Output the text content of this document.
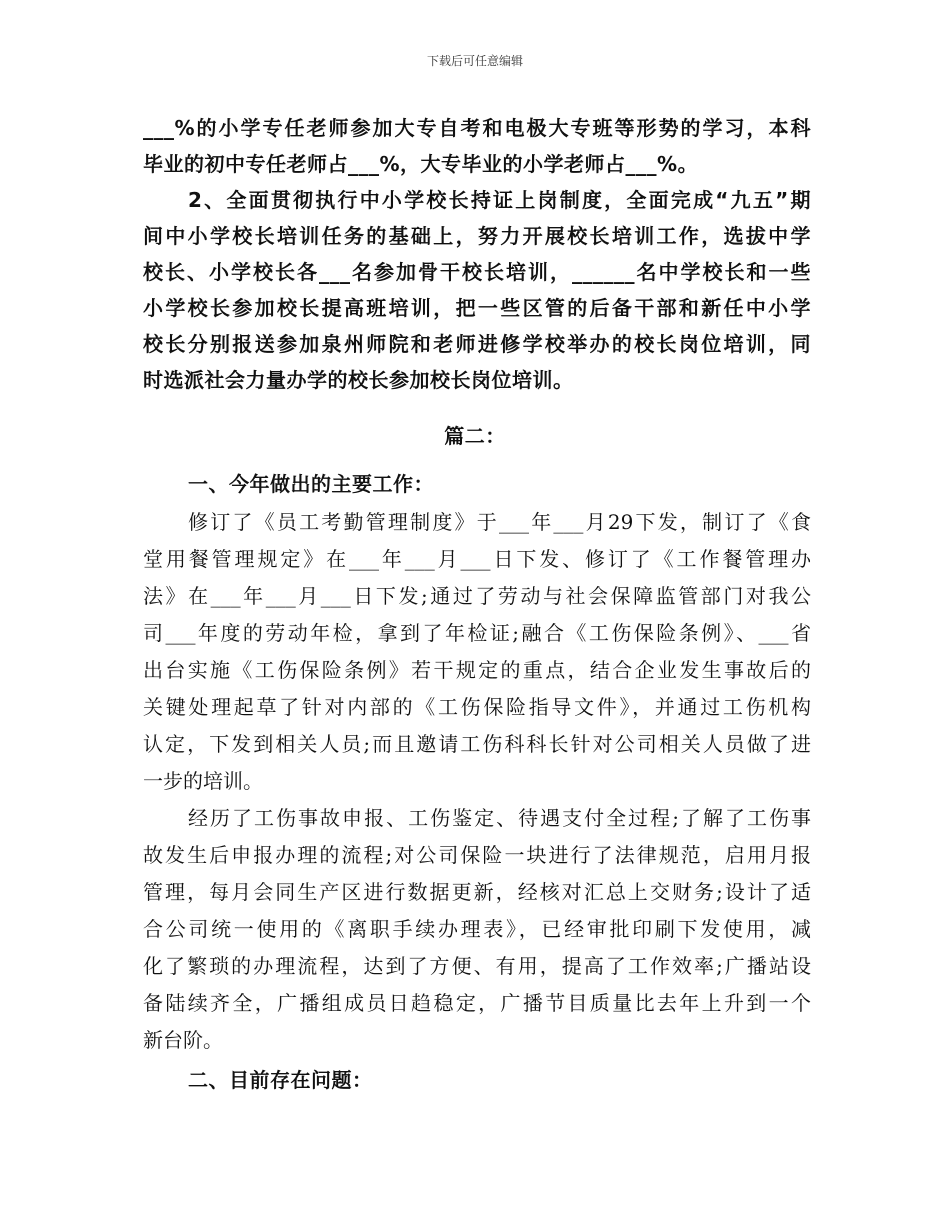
下载后可任意编辑
___%的小学专任老师参加大专自考和电极大专班等形势的学习，本科
毕业的初中专任老师占___%，大专毕业的小学老师占___%。
2、全面贯彻执行中小学校长持证上岗制度，全面完成“九五”期
间中小学校长培训任务的基础上，努力开展校长培训工作，选拔中学
校长、小学校长各___名参加骨干校长培训，______名中学校长和一些
小学校长参加校长提高班培训，把一些区管的后备干部和新任中小学
校长分别报送参加泉州师院和老师进修学校举办的校长岗位培训，同
时选派社会力量办学的校长参加校长岗位培训。
篇二：
一、今年做出的主要工作：
修订了《员工考勤管理制度》于___年___月29下发，制订了《食
堂用餐管理规定》在___年___月___日下发、修订了《工作餐管理办
法》在___年___月___日下发;通过了劳动与社会保障监管部门对我公
司___年度的劳动年检，拿到了年检证;融合《工伤保险条例》、___省
出台实施《工伤保险条例》若干规定的重点，结合企业发生事故后的
关键处理起草了针对内部的《工伤保险指导文件》，并通过工伤机构
认定，下发到相关人员;而且邀请工伤科科长针对公司相关人员做了进
一步的培训。
经历了工伤事故申报、工伤鉴定、待遇支付全过程;了解了工伤事
故发生后申报办理的流程;对公司保险一块进行了法律规范，启用月报
管理，每月会同生产区进行数据更新，经核对汇总上交财务;设计了适
合公司统一使用的《离职手续办理表》，已经审批印刷下发使用，减
化了繁琐的办理流程，达到了方便、有用，提高了工作效率;广播站设
备陆续齐全，广播组成员日趋稳定，广播节目质量比去年上升到一个
新台阶。
二、目前存在问题：
